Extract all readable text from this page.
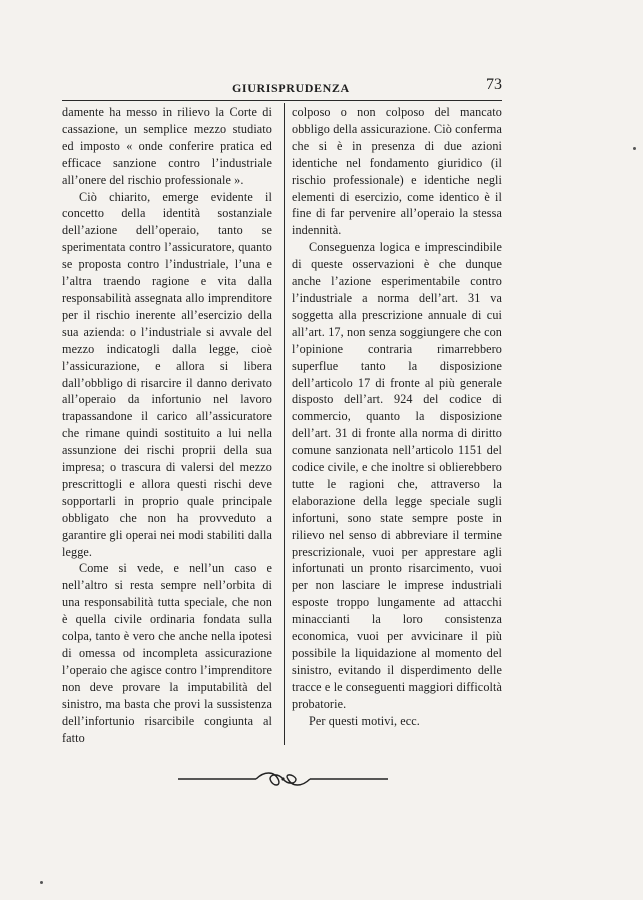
GIURISPRUDENZA	73

damente ha messo in rilievo la Corte di cassazione, un semplice mezzo studiato ed imposto « onde conferire pratica ed efficace sanzione contro l’industriale all’onere del rischio professionale ».

Ciò chiarito, emerge evidente il concetto della identità sostanziale dell’azione dell’operaio, tanto se sperimentata contro l’assicuratore, quanto se proposta contro l’industriale, l’una e l’altra traendo ragione e vita dalla responsabilità assegnata allo imprenditore per il rischio inerente all’esercizio della sua azienda: o l’industriale si avvale del mezzo indicatogli dalla legge, cioè l’assicurazione, e allora si libera dall’obbligo di risarcire il danno derivato all’operaio da infortunio nel lavoro trapassandone il carico all’assicuratore che rimane quindi sostituito a lui nella assunzione dei rischi proprii della sua impresa; o trascura di valersi del mezzo prescrittogli e allora questi rischi deve sopportarli in proprio quale principale obbligato che non ha provveduto a garantire gli operai nei modi stabiliti dalla legge.

Come si vede, e nell’un caso e nell’altro si resta sempre nell’orbita di una responsabilità tutta speciale, che non è quella civile ordinaria fondata sulla colpa, tanto è vero che anche nella ipotesi di omessa od incompleta assicurazione l’operaio che agisce contro l’imprenditore non deve provare la imputabilità del sinistro, ma basta che provi la sussistenza dell’infortunio risarcibile congiunta al fatto

colposo o non colposo del mancato obbligo della assicurazione. Ciò conferma che si è in presenza di due azioni identiche nel fondamento giuridico (il rischio professionale) e identiche negli elementi di esercizio, come identico è il fine di far pervenire all’operaio la stessa indennità.

Conseguenza logica e imprescindibile di queste osservazioni è che dunque anche l’azione esperimentabile contro l’industriale a norma dell’art. 31 va soggetta alla prescrizione annuale di cui all’art. 17, non senza soggiungere che con l’opinione contraria rimarrebbero superflue tanto la disposizione dell’articolo 17 di fronte al più generale disposto dell’art. 924 del codice di commercio, quanto la disposizione dell’art. 31 di fronte alla norma di diritto comune sanzionata nell’articolo 1151 del codice civile, e che inoltre si oblierebbero tutte le ragioni che, attraverso la elaborazione della legge speciale sugli infortuni, sono state sempre poste in rilievo nel senso di abbreviare il termine prescrizionale, vuoi per apprestare agli infortunati un pronto risarcimento, vuoi per non lasciare le imprese industriali esposte troppo lungamente ad attacchi minaccianti la loro consistenza economica, vuoi per avvicinare il più possibile la liquidazione al momento del sinistro, evitando il disperdimento delle tracce e le conseguenti maggiori difficoltà probatorie.

Per questi motivi, ecc.
